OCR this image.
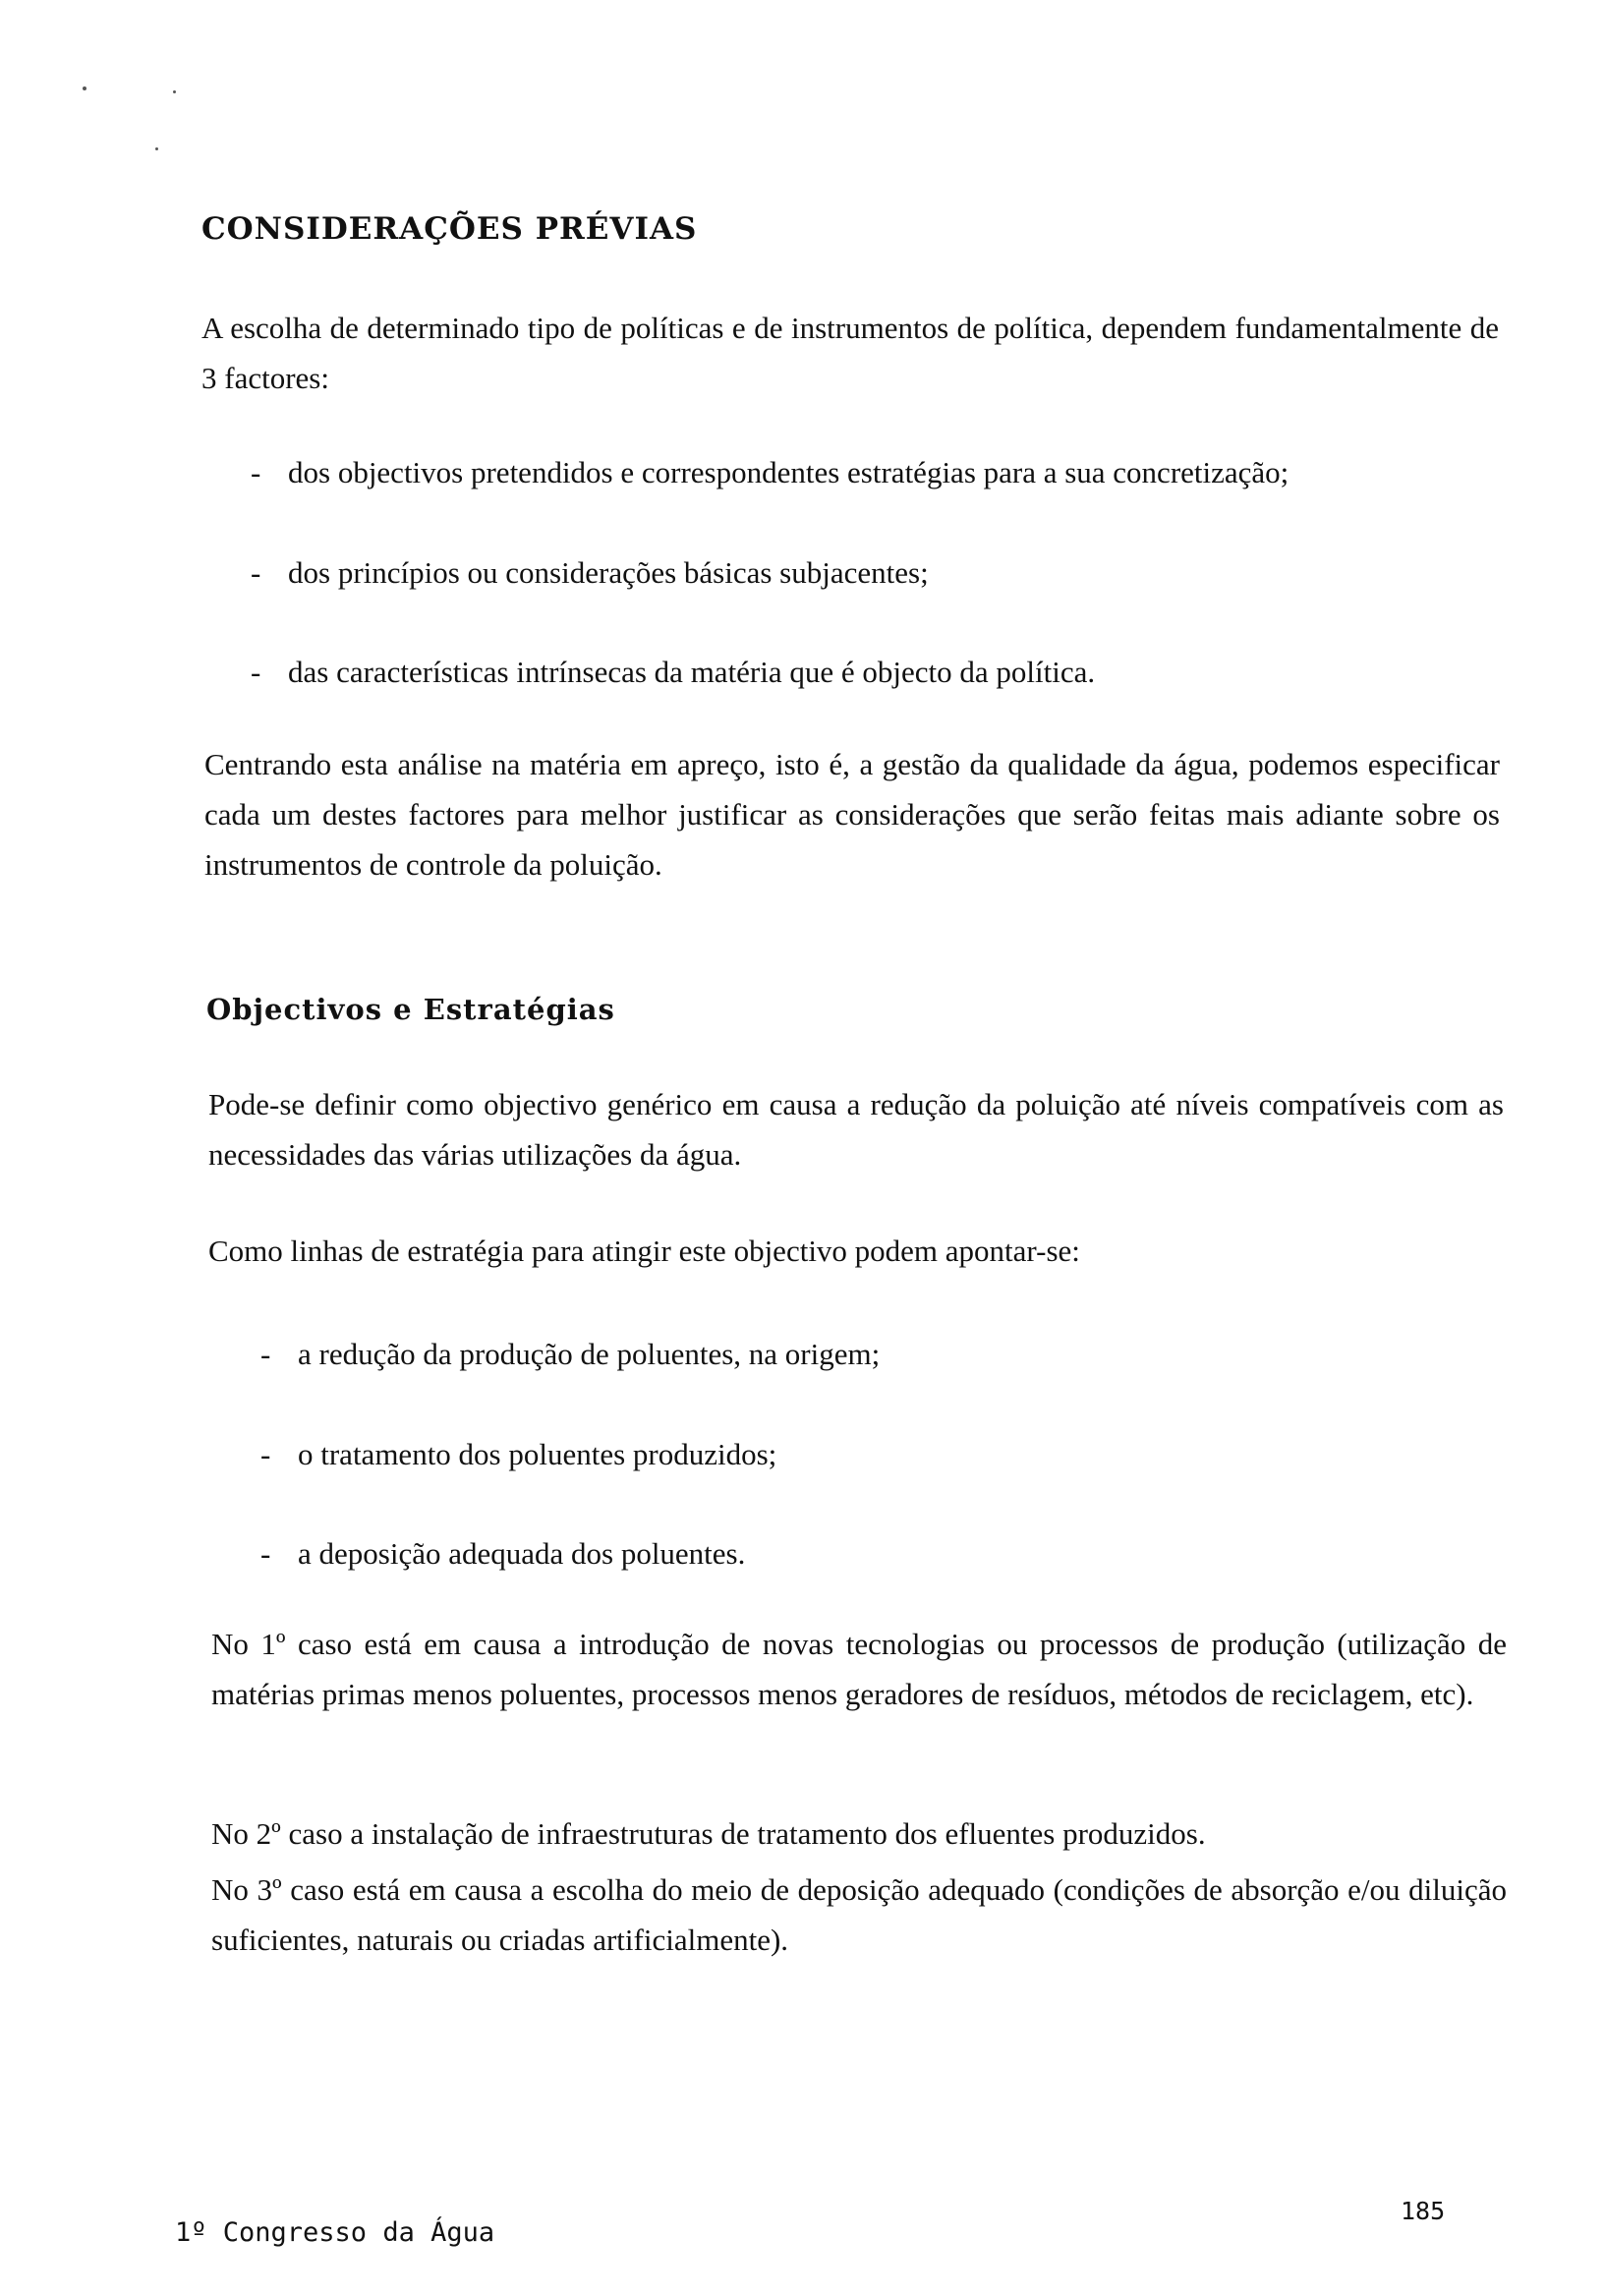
CONSIDERAÇÕES PRÉVIAS

A escolha de determinado tipo de políticas e de instrumentos de política, dependem fundamentalmente de 3 factores:

- dos objectivos pretendidos e correspondentes estratégias para a sua concretização;
- dos princípios ou considerações básicas subjacentes;
- das características intrínsecas da matéria que é objecto da política.

Centrando esta análise na matéria em apreço, isto é, a gestão da qualidade da água, podemos especificar cada um destes factores para melhor justificar as considerações que serão feitas mais adiante sobre os instrumentos de controle da poluição.

Objectivos e Estratégias

Pode-se definir como objectivo genérico em causa a redução da poluição até níveis compatíveis com as necessidades das várias utilizações da água.

Como linhas de estratégia para atingir este objectivo podem apontar-se:

- a redução da produção de poluentes, na origem;
- o tratamento dos poluentes produzidos;
- a deposição adequada dos poluentes.

No 1º caso está em causa a introdução de novas tecnologias ou processos de produção (utilização de matérias primas menos poluentes, processos menos geradores de resíduos, métodos de reciclagem, etc).

No 2º caso a instalação de infraestruturas de tratamento dos efluentes produzidos.

No 3º caso está em causa a escolha do meio de deposição adequado (condições de absorção e/ou diluição suficientes, naturais ou criadas artificialmente).

1º Congresso da Água

185
